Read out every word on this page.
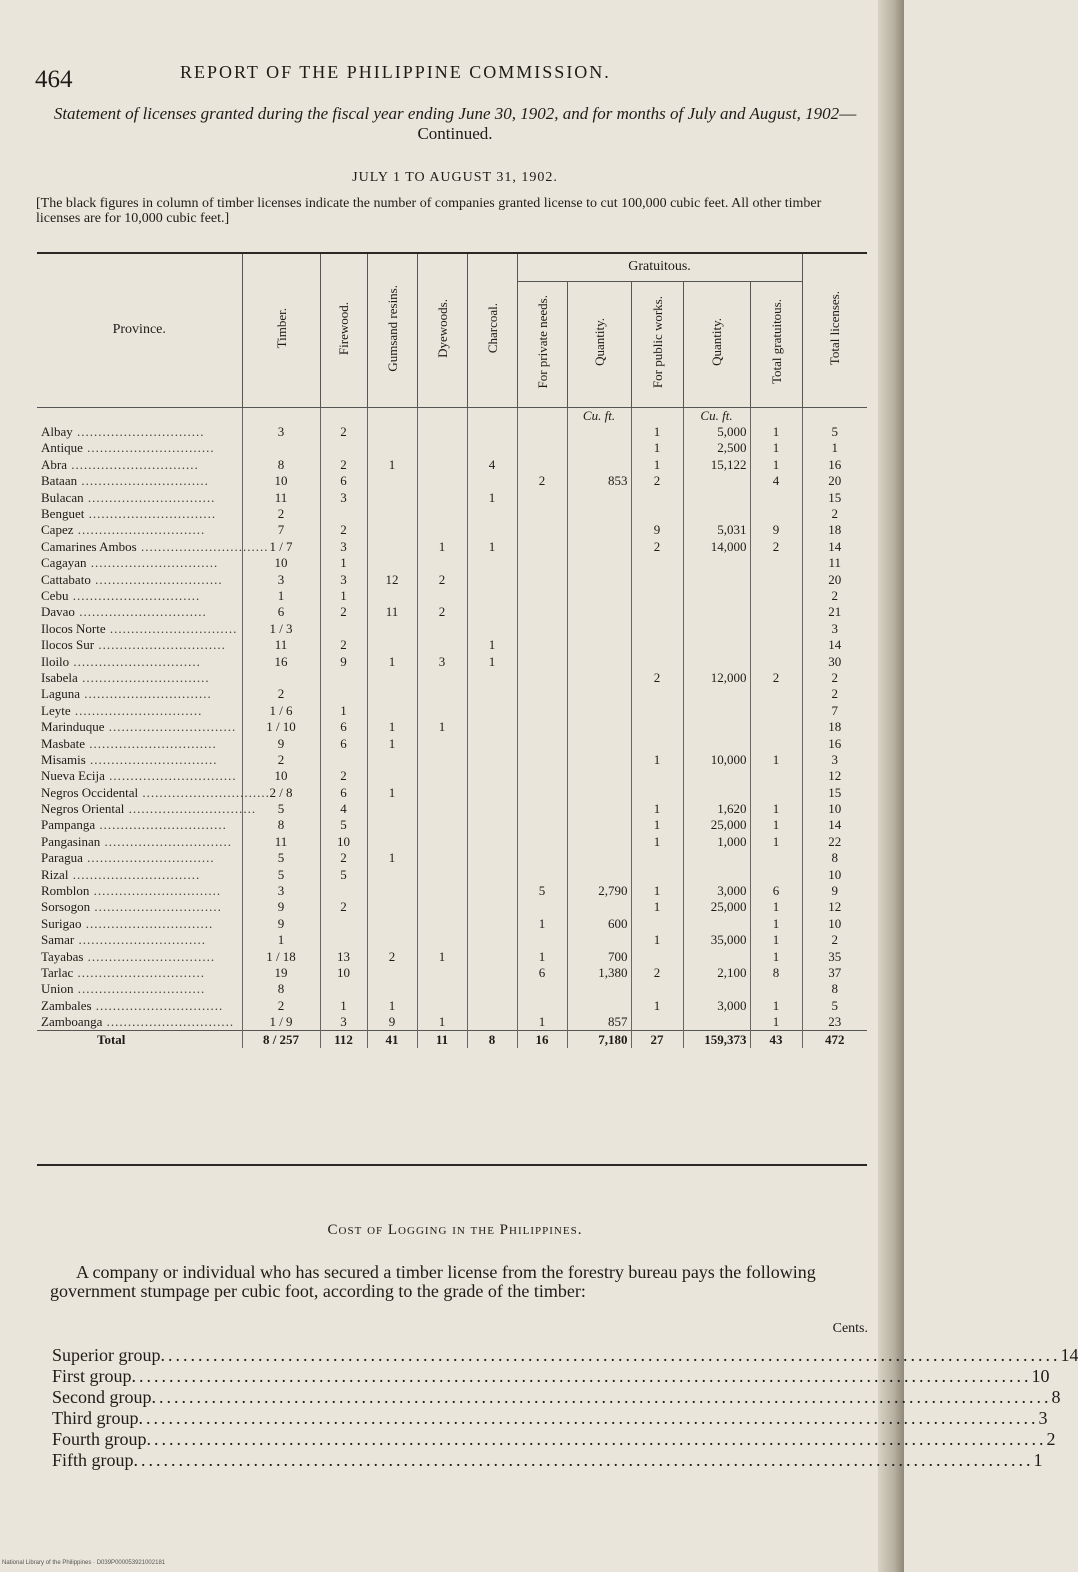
464	REPORT OF THE PHILIPPINE COMMISSION.
Statement of licenses granted during the fiscal year ending June 30, 1902, and for months of July and August, 1902—Continued.
JULY 1 TO AUGUST 31, 1902.
[The black figures in column of timber licenses indicate the number of companies granted license to cut 100,000 cubic feet. All other timber licenses are for 10,000 cubic feet.]
Province.	Timber.	Firewood.	Gumsand resins.	Dyewoods.	Charcoal.	Gratuitous.					Total licenses.
						For private needs.	Quantity.	For public works.	Quantity.	Total gratuitous.	
							Cu. ft.		Cu. ft.		
Albay ..............................	3	2						1	5,000	1	5
Antique ..............................								1	2,500	1	1
Abra ..............................	8	2	1		4			1	15,122	1	16
Bataan ..............................	10	6				2	853	2		4	20
Bulacan ..............................	11	3			1						15
Benguet ..............................	2										2
Capez ..............................	7	2						9	5,031	9	18
Camarines Ambos ..............................	1 / 7	3		1	1			2	14,000	2	14
Cagayan ..............................	10	1									11
Cattabato ..............................	3	3	12	2							20
Cebu ..............................	1	1									2
Davao ..............................	6	2	11	2							21
Ilocos Norte ..............................	1 / 3										3
Ilocos Sur ..............................	11	2			1						14
Iloilo ..............................	16	9	1	3	1						30
Isabela ..............................								2	12,000	2	2
Laguna ..............................	2										2
Leyte ..............................	1 / 6	1									7
Marinduque ..............................	1 / 10	6	1	1							18
Masbate ..............................	9	6	1								16
Misamis ..............................	2							1	10,000	1	3
Nueva Ecija ..............................	10	2									12
Negros Occidental ..............................	2 / 8	6	1								15
Negros Oriental ..............................	5	4						1	1,620	1	10
Pampanga ..............................	8	5						1	25,000	1	14
Pangasinan ..............................	11	10						1	1,000	1	22
Paragua ..............................	5	2	1								8
Rizal ..............................	5	5									10
Romblon ..............................	3					5	2,790	1	3,000	6	9
Sorsogon ..............................	9	2						1	25,000	1	12
Surigao ..............................	9					1	600			1	10
Samar ..............................	1							1	35,000	1	2
Tayabas ..............................	1 / 18	13	2	1		1	700			1	35
Tarlac ..............................	19	10				6	1,380	2	2,100	8	37
Union ..............................	8										8
Zambales ..............................	2	1	1					1	3,000	1	5
Zamboanga ..............................	1 / 9	3	9	1		1	857			1	23
Total	8 / 257	112	41	11	8	16	7,180	27	159,373	43	472
Cost of Logging in the Philippines.
A company or individual who has secured a timber license from the forestry bureau pays the following government stumpage per cubic foot, according to the grade of the timber:
Cents.
Superior group ........................................................................................................................ 14
First group ........................................................................................................................ 10
Second group ........................................................................................................................ 8
Third group ........................................................................................................................ 3
Fourth group ........................................................................................................................ 2
Fifth group ........................................................................................................................ 1
National Library of the Philippines · D039P000053921002181
